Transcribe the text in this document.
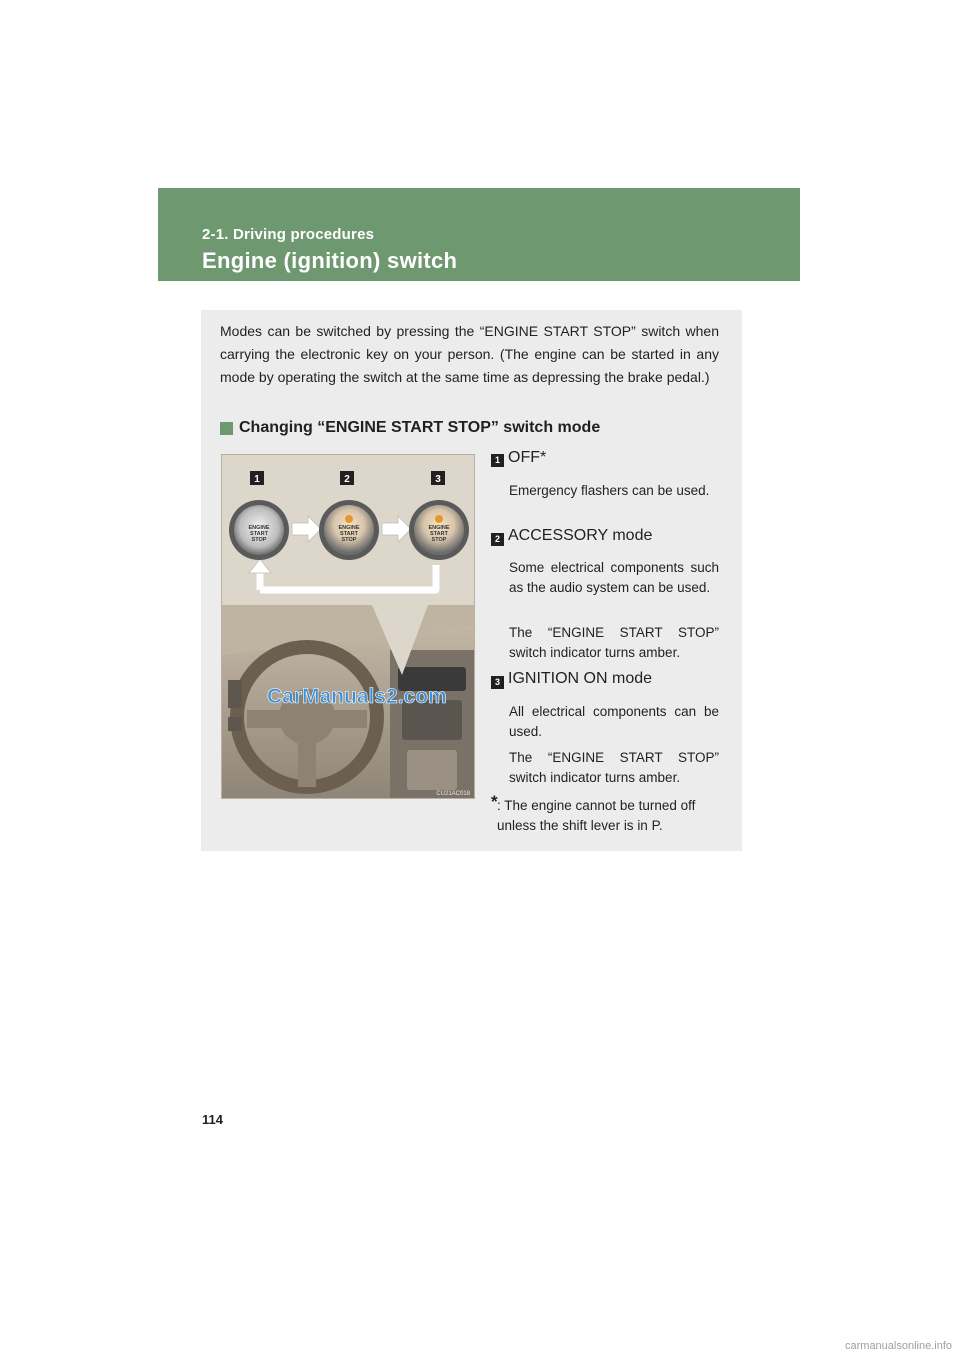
2-1. Driving procedures
Engine (ignition) switch

Modes can be switched by pressing the “ENGINE START STOP” switch when carrying the electronic key on your person. (The engine can be started in any mode by operating the switch at the same time as depressing the brake pedal.)

Changing “ENGINE START STOP” switch mode
ENGINE
START
STOP
ENGINE
START
STOP
ENGINE
START
STOP
1	2	3
CarManuals2.com
CU21AC018
1 OFF*

Emergency flashers can be used.

2 ACCESSORY mode

Some electrical components such as the audio system can be used.

The “ENGINE START STOP” switch indicator turns amber.

3 IGNITION ON mode

All electrical components can be used.

The “ENGINE START STOP” switch indicator turns amber.

* : The engine cannot be turned off unless the shift lever is in P.

114
carmanualsonline.info
